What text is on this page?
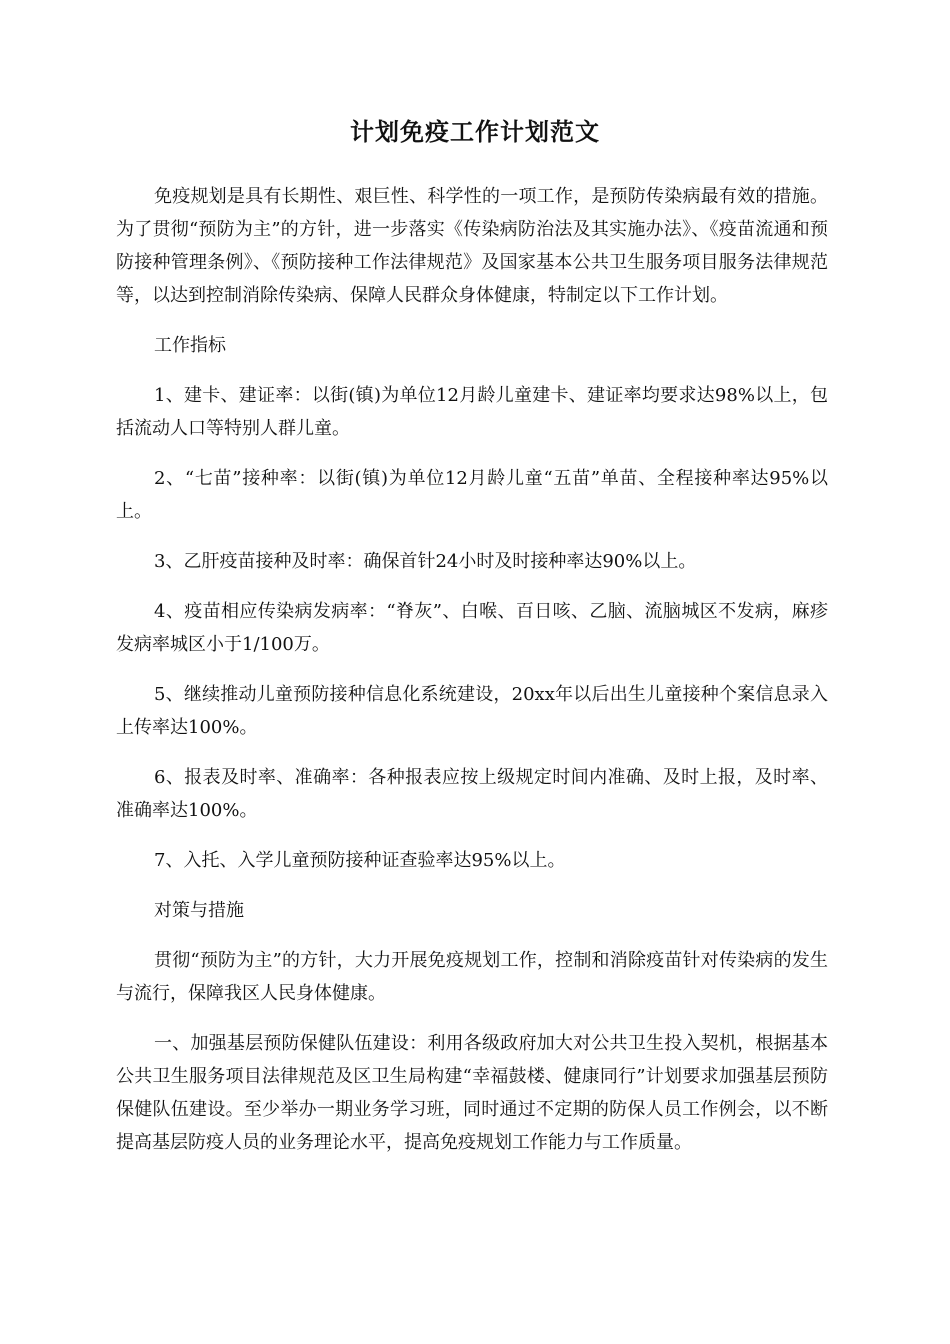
计划免疫工作计划范文

免疫规划是具有长期性、艰巨性、科学性的一项工作，是预防传染病最有效的措施。为了贯彻“预防为主”的方针，进一步落实《传染病防治法及其实施办法》、《疫苗流通和预防接种管理条例》、《预防接种工作法律规范》及国家基本公共卫生服务项目服务法律规范等，以达到控制消除传染病、保障人民群众身体健康，特制定以下工作计划。

工作指标

1、建卡、建证率：以街(镇)为单位12月龄儿童建卡、建证率均要求达98%以上，包括流动人口等特别人群儿童。

2、“七苗”接种率：以街(镇)为单位12月龄儿童“五苗”单苗、全程接种率达95%以上。

3、乙肝疫苗接种及时率：确保首针24小时及时接种率达90%以上。

4、疫苗相应传染病发病率：“脊灰”、白喉、百日咳、乙脑、流脑城区不发病，麻疹发病率城区小于1/100万。

5、继续推动儿童预防接种信息化系统建设，20xx年以后出生儿童接种个案信息录入上传率达100%。

6、报表及时率、准确率：各种报表应按上级规定时间内准确、及时上报，及时率、准确率达100%。

7、入托、入学儿童预防接种证查验率达95%以上。

对策与措施

贯彻“预防为主”的方针，大力开展免疫规划工作，控制和消除疫苗针对传染病的发生与流行，保障我区人民身体健康。

一、加强基层预防保健队伍建设：利用各级政府加大对公共卫生投入契机，根据基本公共卫生服务项目法律规范及区卫生局构建“幸福鼓楼、健康同行”计划要求加强基层预防保健队伍建设。至少举办一期业务学习班，同时通过不定期的防保人员工作例会，以不断提高基层防疫人员的业务理论水平，提高免疫规划工作能力与工作质量。
